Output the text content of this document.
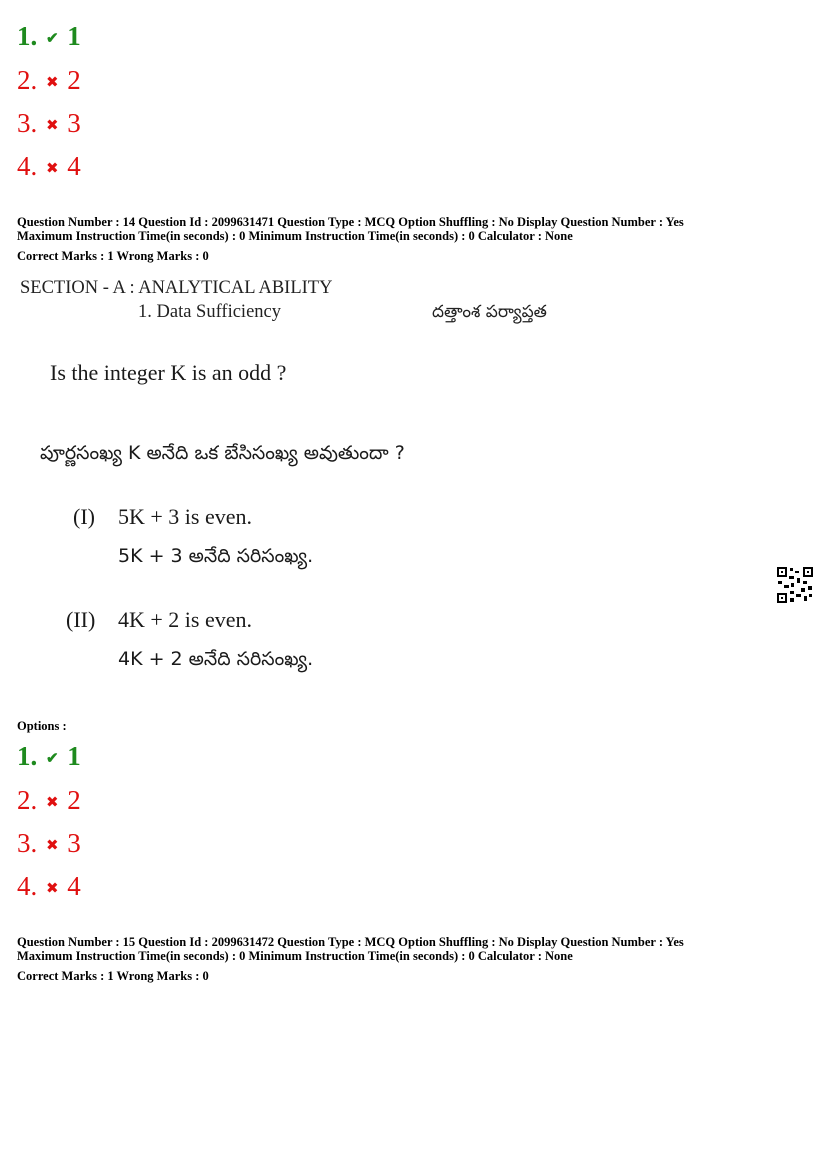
1. ✔ 1
2. ✖ 2
3. ✖ 3
4. ✖ 4
Question Number : 14 Question Id : 2099631471 Question Type : MCQ Option Shuffling : No Display Question Number : Yes
Maximum Instruction Time(in seconds) : 0 Minimum Instruction Time(in seconds) : 0 Calculator : None
Correct Marks : 1 Wrong Marks : 0
SECTION - A : ANALYTICAL ABILITY
1. Data Sufficiency	దత్తాంశ పర్యాప్తత
Is the integer K is an odd ?
పూర్ణసంఖ్య K అనేది ఒక బేసిసంఖ్య అవుతుందా ?
(I) 5K + 3 is even.
5K + 3 అనేది సరిసంఖ్య.
(II) 4K + 2 is even.
4K + 2 అనేది సరిసంఖ్య.
Options :
1. ✔ 1
2. ✖ 2
3. ✖ 3
4. ✖ 4
Question Number : 15 Question Id : 2099631472 Question Type : MCQ Option Shuffling : No Display Question Number : Yes
Maximum Instruction Time(in seconds) : 0 Minimum Instruction Time(in seconds) : 0 Calculator : None
Correct Marks : 1 Wrong Marks : 0
